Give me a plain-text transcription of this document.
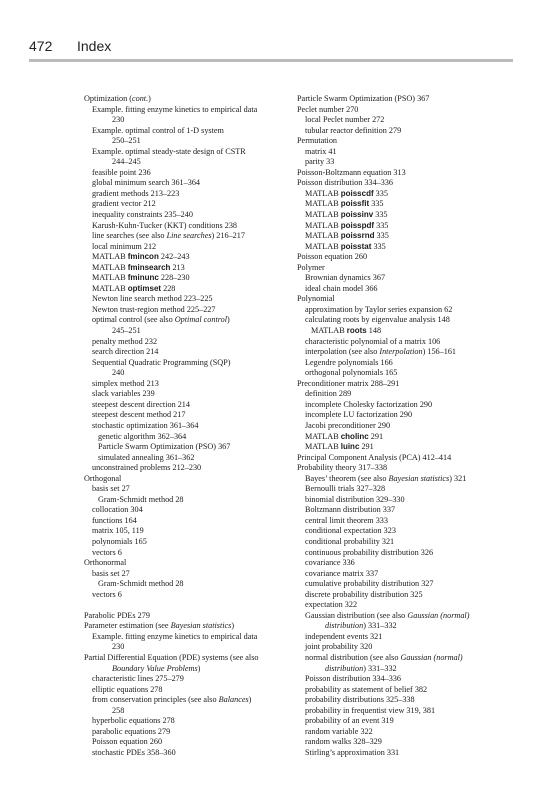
472 Index
Optimization (cont.)
Example. fitting enzyme kinetics to empirical data
230
Example. optimal control of 1-D system
250–251
Example. optimal steady-state design of CSTR
244–245
feasible point 236
global minimum search 361–364
gradient methods 213–223
gradient vector 212
inequality constraints 235–240
Karush-Kuhn-Tucker (KKT) conditions 238
line searches (see also Line searches) 216–217
local minimum 212
MATLAB fmincon 242–243
MATLAB fminsearch 213
MATLAB fminunc 228–230
MATLAB optimset 228
Newton line search method 223–225
Newton trust-region method 225–227
optimal control (see also Optimal control)
245–251
penalty method 232
search direction 214
Sequential Quadratic Programming (SQP)
240
simplex method 213
slack variables 239
steepest descent direction 214
steepest descent method 217
stochastic optimization 361–364
genetic algorithm 362–364
Particle Swarm Optimization (PSO) 367
simulated annealing 361–362
unconstrained problems 212–230
Orthogonal
basis set 27
Gram-Schmidt method 28
collocation 304
functions 164
matrix 105, 119
polynomials 165
vectors 6
Orthonormal
basis set 27
Gram-Schmidt method 28
vectors 6
Parabolic PDEs 279
Parameter estimation (see Bayesian statistics)
Example. fitting enzyme kinetics to empirical data
230
Partial Differential Equation (PDE) systems (see also
Boundary Value Problems)
characteristic lines 275–279
elliptic equations 278
from conservation principles (see also Balances)
258
hyperbolic equations 278
parabolic equations 279
Poisson equation 260
stochastic PDEs 358–360
Particle Swarm Optimization (PSO) 367
Peclet number 270
local Peclet number 272
tubular reactor definition 279
Permutation
matrix 41
parity 33
Poisson-Boltzmann equation 313
Poisson distribution 334–336
MATLAB poisscdf 335
MATLAB poissfit 335
MATLAB poissinv 335
MATLAB poisspdf 335
MATLAB poissrnd 335
MATLAB poisstat 335
Poisson equation 260
Polymer
Brownian dynamics 367
ideal chain model 366
Polynomial
approximation by Taylor series expansion 62
calculating roots by eigenvalue analysis 148
MATLAB roots 148
characteristic polynomial of a matrix 106
interpolation (see also Interpolation) 156–161
Legendre polynomials 166
orthogonal polynomials 165
Preconditioner matrix 288–291
definition 289
incomplete Cholesky factorization 290
incomplete LU factorization 290
Jacobi preconditioner 290
MATLAB cholinc 291
MATLAB luinc 291
Principal Component Analysis (PCA) 412–414
Probability theory 317–338
Bayes’ theorem (see also Bayesian statistics) 321
Bernoulli trials 327–328
binomial distribution 329–330
Boltzmann distribution 337
central limit theorem 333
conditional expectation 323
conditional probability 321
continuous probability distribution 326
covariance 336
covariance matrix 337
cumulative probability distribution 327
discrete probability distribution 325
expectation 322
Gaussian distribution (see also Gaussian (normal)
distribution) 331–332
independent events 321
joint probability 320
normal distribution (see also Gaussian (normal)
distribution) 331–332
Poisson distribution 334–336
probability as statement of belief 382
probability distributions 325–338
probability in frequentist view 319, 381
probability of an event 319
random variable 322
random walks 328–329
Stirling’s approximation 331
